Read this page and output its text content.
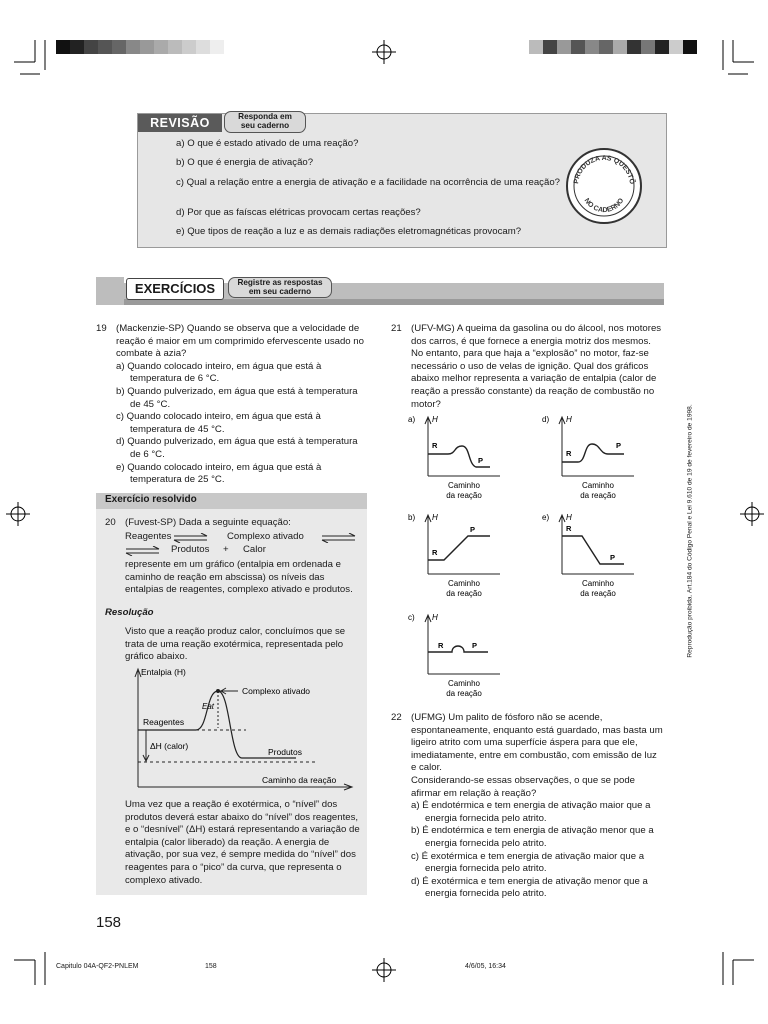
REVISÃO	Responda em
seu caderno
a) O que é estado ativado de uma reação?
b) O que é energia de ativação?
c) Qual a relação entre a energia de ativação e a facilidade na ocorrência de uma reação?
d) Por que as faíscas elétricas provocam certas reações?
e) Que tipos de reação a luz e as demais radiações eletromagnéticas provocam?
PRODUZA AS QUESTÕ
NO CADERNO
EXERCÍCIOS	Registre as respostas
em seu caderno
19 (Mackenzie-SP) Quando se observa que a velocidade de reação é maior em um comprimido efervescente usado no combate à azia?
a) Quando colocado inteiro, em água que está à temperatura de 6 °C.
b) Quando pulverizado, em água que está à temperatura de 45 °C.
c) Quando colocado inteiro, em água que está à temperatura de 45 °C.
d) Quando pulverizado, em água que está à temperatura de 6 °C.
e) Quando colocado inteiro, em água que está à temperatura de 25 °C.
Exercício resolvido
20 (Fuvest-SP) Dada a seguinte equação:
Reagentes ⇌ Complexo ativado ⇌
⇌ Produtos + Calor
represente em um gráfico (entalpia em ordenada e caminho de reação em abscissa) os níveis das entalpias de reagentes, complexo ativado e produtos.
Resolução
Visto que a reação produz calor, concluímos que se trata de uma reação exotérmica, representada pelo gráfico abaixo.
Entalpia (H)
Complexo ativado
Reagentes
Eat
ΔH (calor)
Produtos
Caminho da reação
Uma vez que a reação é exotérmica, o “nível” dos produtos deverá estar abaixo do “nível” dos reagentes, e o “desnível” (ΔH) estará representando a variação de entalpia (calor liberado) da reação. A energia de ativação, por sua vez, é sempre medida do “nível” dos reagentes para o “pico” da curva, que representa o complexo ativado.
21 (UFV-MG) A queima da gasolina ou do álcool, nos motores dos carros, é que fornece a energia motriz dos mesmos. No entanto, para que haja a “explosão” no motor, faz-se necessário o uso de velas de ignição. Qual dos gráficos abaixo melhor representa a variação de entalpia (calor de reação a pressão constante) da reação de combustão no motor?
a) H
R
P
Caminho
da reação
d) H
R
P
Caminho
da reação
b) H
R
P
Caminho
da reação
e) H
R
P
Caminho
da reação
c) H
R	P
Caminho
da reação
22 (UFMG) Um palito de fósforo não se acende, espontaneamente, enquanto está guardado, mas basta um ligeiro atrito com uma superfície áspera para que ele, imediatamente, entre em combustão, com emissão de luz e calor.
Considerando-se essas observações, o que se pode afirmar em relação à reação?
a) É endotérmica e tem energia de ativação maior que a energia fornecida pelo atrito.
b) É endotérmica e tem energia de ativação menor que a energia fornecida pelo atrito.
c) É exotérmica e tem energia de ativação maior que a energia fornecida pelo atrito.
d) É exotérmica e tem energia de ativação menor que a energia fornecida pelo atrito.
Reprodução proibida. Art.184 do Código Penal e Lei 9.610 de 19 de fevereiro de 1998.
158
Capitulo 04A-QF2-PNLEM	158	4/6/05, 16:34
